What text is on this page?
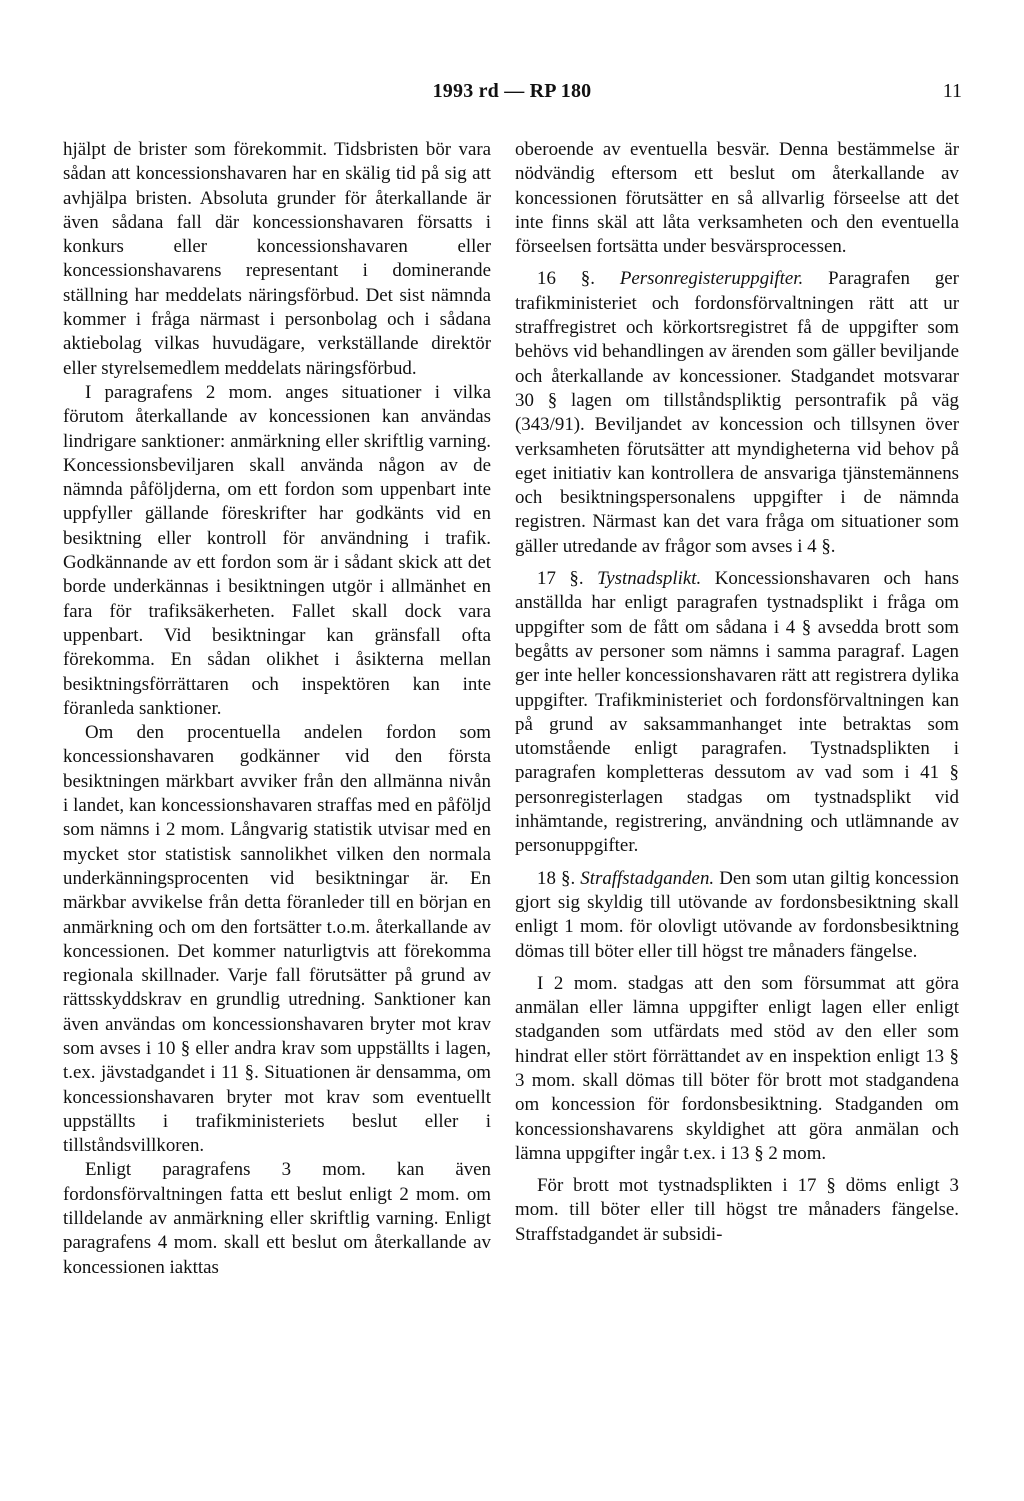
1993 rd — RP 180	11

hjälpt de brister som förekommit. Tidsbristen bör vara sådan att koncessionshavaren har en skälig tid på sig att avhjälpa bristen. Absoluta grunder för återkallande är även sådana fall där koncessionshavaren försatts i konkurs eller koncessionshavaren eller koncessionshavarens representant i dominerande ställning har meddelats näringsförbud. Det sist nämnda kommer i fråga närmast i personbolag och i sådana aktiebolag vilkas huvudägare, verkställande direktör eller styrelsemedlem meddelats näringsförbud.

I paragrafens 2 mom. anges situationer i vilka förutom återkallande av koncessionen kan användas lindrigare sanktioner: anmärkning eller skriftlig varning. Koncessionsbeviljaren skall använda någon av de nämnda påföljderna, om ett fordon som uppenbart inte uppfyller gällande föreskrifter har godkänts vid en besiktning eller kontroll för användning i trafik. Godkännande av ett fordon som är i sådant skick att det borde underkännas i besiktningen utgör i allmänhet en fara för trafiksäkerheten. Fallet skall dock vara uppenbart. Vid besiktningar kan gränsfall ofta förekomma. En sådan olikhet i åsikterna mellan besiktningsförrättaren och inspektören kan inte föranleda sanktioner.

Om den procentuella andelen fordon som koncessionshavaren godkänner vid den första besiktningen märkbart avviker från den allmänna nivån i landet, kan koncessionshavaren straffas med en påföljd som nämns i 2 mom. Långvarig statistik utvisar med en mycket stor statistisk sannolikhet vilken den normala underkänningsprocenten vid besiktningar är. En märkbar avvikelse från detta föranleder till en början en anmärkning och om den fortsätter t.o.m. återkallande av koncessionen. Det kommer naturligtvis att förekomma regionala skillnader. Varje fall förutsätter på grund av rättsskyddskrav en grundlig utredning. Sanktioner kan även användas om koncessionshavaren bryter mot krav som avses i 10 § eller andra krav som uppställts i lagen, t.ex. jävstadgandet i 11 §. Situationen är densamma, om koncessionshavaren bryter mot krav som eventuellt uppställts i trafikministeriets beslut eller i tillståndsvillkoren.

Enligt paragrafens 3 mom. kan även fordonsförvaltningen fatta ett beslut enligt 2 mom. om tilldelande av anmärkning eller skriftlig varning. Enligt paragrafens 4 mom. skall ett beslut om återkallande av koncessionen iakttas

oberoende av eventuella besvär. Denna bestämmelse är nödvändig eftersom ett beslut om återkallande av koncessionen förutsätter en så allvarlig förseelse att det inte finns skäl att låta verksamheten och den eventuella förseelsen fortsätta under besvärsprocessen.

16 §. Personregisteruppgifter. Paragrafen ger trafikministeriet och fordonsförvaltningen rätt att ur straffregistret och körkortsregistret få de uppgifter som behövs vid behandlingen av ärenden som gäller beviljande och återkallande av koncessioner. Stadgandet motsvarar 30 § lagen om tillståndspliktig persontrafik på väg (343/91). Beviljandet av koncession och tillsynen över verksamheten förutsätter att myndigheterna vid behov på eget initiativ kan kontrollera de ansvariga tjänstemännens och besiktningspersonalens uppgifter i de nämnda registren. Närmast kan det vara fråga om situationer som gäller utredande av frågor som avses i 4 §.

17 §. Tystnadsplikt. Koncessionshavaren och hans anställda har enligt paragrafen tystnadsplikt i fråga om uppgifter som de fått om sådana i 4 § avsedda brott som begåtts av personer som nämns i samma paragraf. Lagen ger inte heller koncessionshavaren rätt att registrera dylika uppgifter. Trafikministeriet och fordonsförvaltningen kan på grund av saksammanhanget inte betraktas som utomstående enligt paragrafen. Tystnadsplikten i paragrafen kompletteras dessutom av vad som i 41 § personregisterlagen stadgas om tystnadsplikt vid inhämtande, registrering, användning och utlämnande av personuppgifter.

18 §. Straffstadganden. Den som utan giltig koncession gjort sig skyldig till utövande av fordonsbesiktning skall enligt 1 mom. för olovligt utövande av fordonsbesiktning dömas till böter eller till högst tre månaders fängelse.

I 2 mom. stadgas att den som försummat att göra anmälan eller lämna uppgifter enligt lagen eller enligt stadganden som utfärdats med stöd av den eller som hindrat eller stört förrättandet av en inspektion enligt 13 § 3 mom. skall dömas till böter för brott mot stadgandena om koncession för fordonsbesiktning. Stadganden om koncessionshavarens skyldighet att göra anmälan och lämna uppgifter ingår t.ex. i 13 § 2 mom.

För brott mot tystnadsplikten i 17 § döms enligt 3 mom. till böter eller till högst tre månaders fängelse. Straffstadgandet är subsidi-
